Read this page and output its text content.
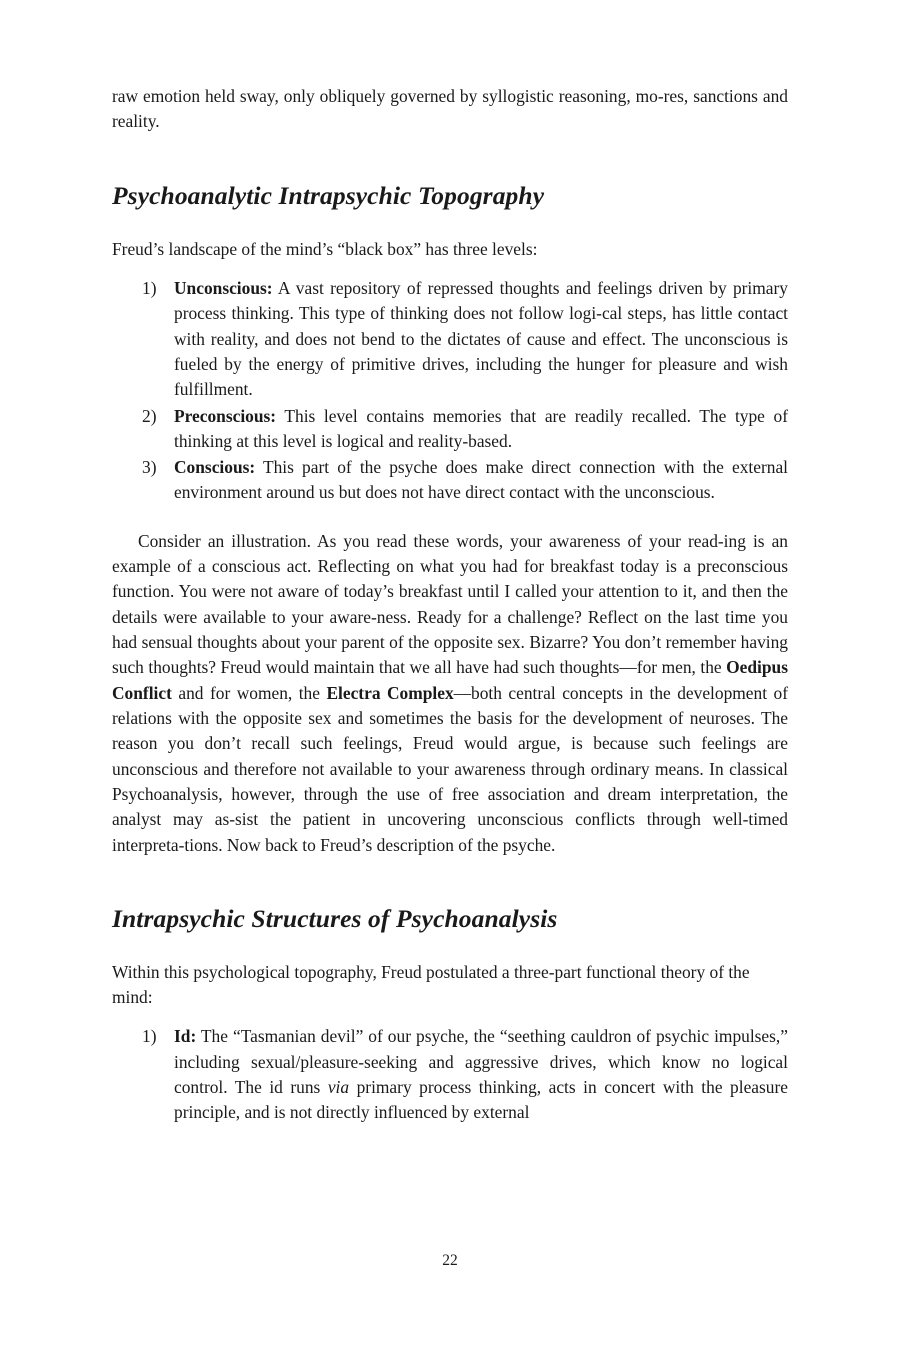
raw emotion held sway, only obliquely governed by syllogistic reasoning, mo-res, sanctions and reality.

Psychoanalytic Intrapsychic Topography

Freud’s landscape of the mind’s “black box” has three levels:

1)	Unconscious: A vast repository of repressed thoughts and feelings driven by primary process thinking. This type of thinking does not follow logi-cal steps, has little contact with reality, and does not bend to the dictates of cause and effect. The unconscious is fueled by the energy of primitive drives, including the hunger for pleasure and wish fulfillment.
2)	Preconscious: This level contains memories that are readily recalled. The type of thinking at this level is logical and reality-based.
3)	Conscious: This part of the psyche does make direct connection with the external environment around us but does not have direct contact with the unconscious.

Consider an illustration. As you read these words, your awareness of your read-ing is an example of a conscious act. Reflecting on what you had for breakfast today is a preconscious function. You were not aware of today’s breakfast until I called your attention to it, and then the details were available to your aware-ness. Ready for a challenge? Reflect on the last time you had sensual thoughts about your parent of the opposite sex. Bizarre? You don’t remember having such thoughts? Freud would maintain that we all have had such thoughts—for men, the Oedipus Conflict and for women, the Electra Complex—both central concepts in the development of relations with the opposite sex and sometimes the basis for the development of neuroses. The reason you don’t recall such feelings, Freud would argue, is because such feelings are unconscious and therefore not available to your awareness through ordinary means. In classical Psychoanalysis, however, through the use of free association and dream interpretation, the analyst may as-sist the patient in uncovering unconscious conflicts through well-timed interpreta-tions. Now back to Freud’s description of the psyche.

Intrapsychic Structures of Psychoanalysis

Within this psychological topography, Freud postulated a three-part functional theory of the mind:

1)	Id: The “Tasmanian devil” of our psyche, the “seething cauldron of psychic impulses,” including sexual/pleasure-seeking and aggressive drives, which know no logical control. The id runs via primary process thinking, acts in concert with the pleasure principle, and is not directly influenced by external
22
